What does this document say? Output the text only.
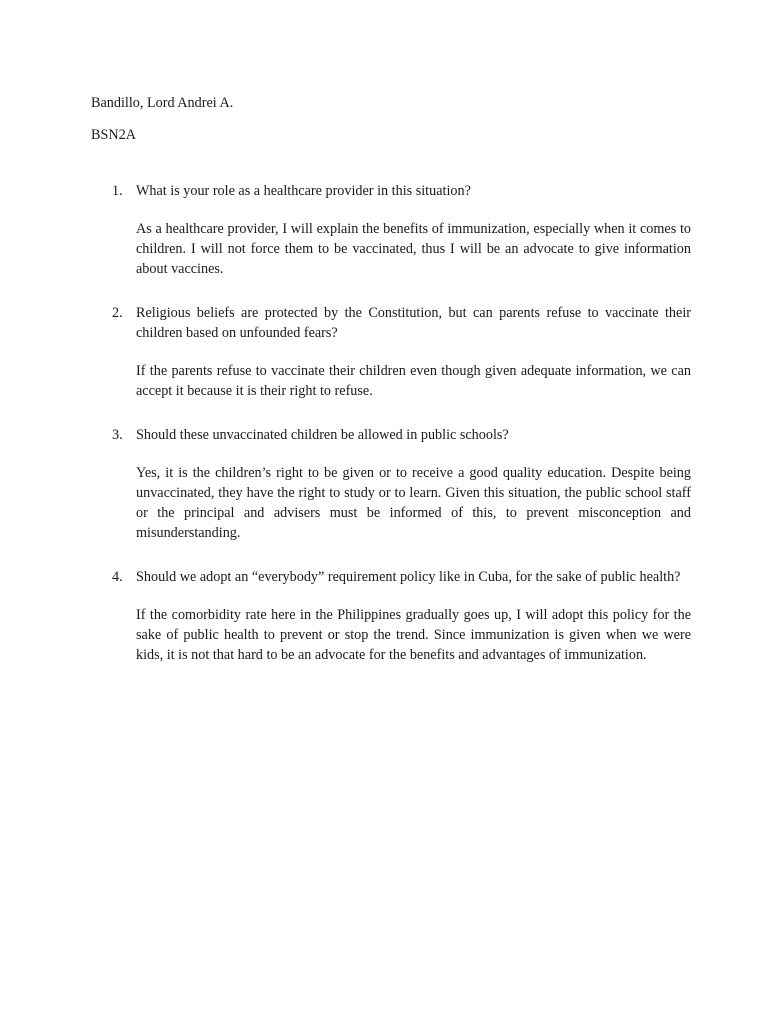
Bandillo, Lord Andrei A.
BSN2A
1. What is your role as a healthcare provider in this situation?
As a healthcare provider, I will explain the benefits of immunization, especially when it comes to children. I will not force them to be vaccinated, thus I will be an advocate to give information about vaccines.
2. Religious beliefs are protected by the Constitution, but can parents refuse to vaccinate their children based on unfounded fears?
If the parents refuse to vaccinate their children even though given adequate information, we can accept it because it is their right to refuse.
3. Should these unvaccinated children be allowed in public schools?
Yes, it is the children’s right to be given or to receive a good quality education. Despite being unvaccinated, they have the right to study or to learn. Given this situation, the public school staff or the principal and advisers must be informed of this, to prevent misconception and misunderstanding.
4. Should we adopt an “everybody” requirement policy like in Cuba, for the sake of public health?
If the comorbidity rate here in the Philippines gradually goes up, I will adopt this policy for the sake of public health to prevent or stop the trend. Since immunization is given when we were kids, it is not that hard to be an advocate for the benefits and advantages of immunization.
